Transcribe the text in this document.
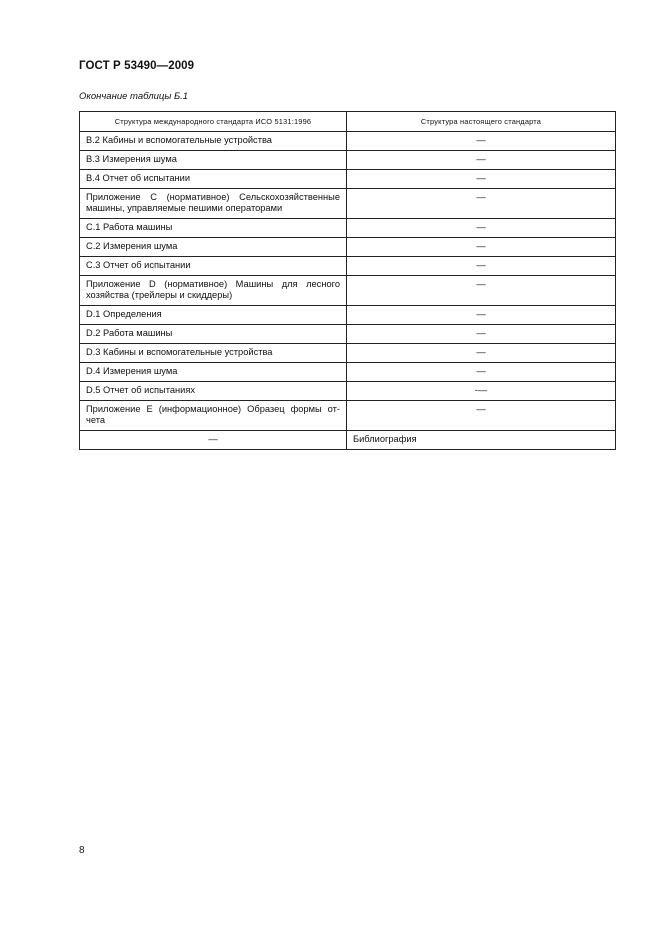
ГОСТ Р 53490—2009
Окончание таблицы Б.1
Структура международного стандарта ИСО 5131:1996	Структура настоящего стандарта
B.2 Кабины и вспомогательные устройства	—
B.3 Измерения шума	—
B.4 Отчет об испытании	—
Приложение C (нормативное) Сельскохозяйственные машины, управляемые пешими операторами	—
C.1 Работа машины	—
C.2 Измерения шума	—
C.3 Отчет об испытании	—
Приложение D (нормативное) Машины для лесного хозяйства (трейлеры и скиддеры)	—
D.1 Определения	—
D.2 Работа машины	—
D.3 Кабины и вспомогательные устройства	—
D.4 Измерения шума	—
D.5 Отчет об испытаниях	-—
Приложение E (информационное) Образец формы от-чета	—
—	Библиография
8
